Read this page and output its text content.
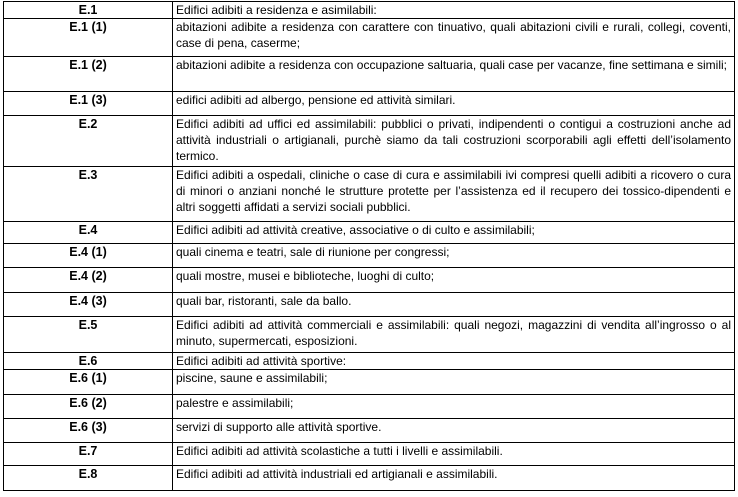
E.1	Edifici adibiti a residenza e asimilabili:
E.1 (1)	abitazioni adibite a residenza con carattere con tinuativo, quali abitazioni civili e rurali, collegi, coventi, case di pena, caserme;
E.1 (2)	abitazioni adibite a residenza con occupazione saltuaria, quali case per vacanze, fine settimana e simili;
E.1 (3)	edifici adibiti ad albergo, pensione ed attività similari.
E.2	Edifici adibiti ad uffici ed assimilabili: pubblici o privati, indipendenti o contigui a costruzioni anche ad attività industriali o artigianali, purchè siamo da tali costruzioni scorporabili agli effetti dell’isolamento termico.
E.3	Edifici adibiti a ospedali, cliniche o case di cura e assimilabili ivi compresi quelli adibiti a ricovero o cura di minori o anziani nonché le strutture protette per l’assistenza ed il recupero dei tossico-dipendenti e altri soggetti affidati a servizi sociali pubblici.
E.4	Edifici adibiti ad attività creative, associative o di culto e assimilabili;
E.4 (1)	quali cinema e teatri, sale di riunione per congressi;
E.4 (2)	quali mostre, musei e biblioteche, luoghi di culto;
E.4 (3)	quali bar, ristoranti, sale da ballo.
E.5	Edifici adibiti ad attività commerciali e assimilabili: quali negozi, magazzini di vendita all’ingrosso o al minuto, supermercati, esposizioni.
E.6	Edifici adibiti ad attività sportive:
E.6 (1)	piscine, saune e assimilabili;
E.6 (2)	palestre e assimilabili;
E.6 (3)	servizi di supporto alle attività sportive.
E.7	Edifici adibiti ad attività scolastiche a tutti i livelli e assimilabili.
E.8	Edifici adibiti ad attività industriali ed artigianali e assimilabili.
